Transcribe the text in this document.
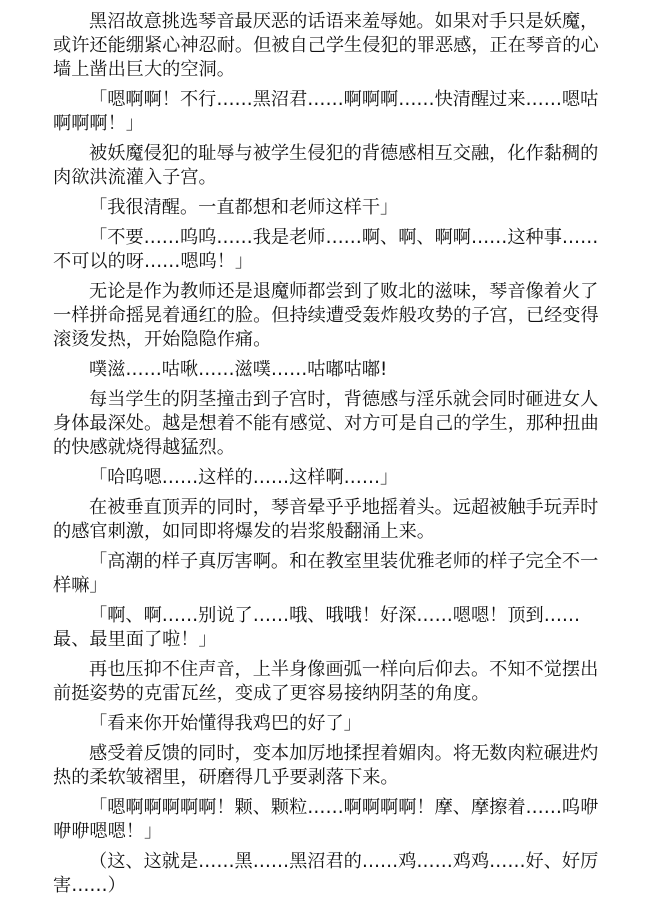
黑沼故意挑选琴音最厌恶的话语来羞辱她。如果对手只是妖魔，或许还能绷紧心神忍耐。但被自己学生侵犯的罪恶感，正在琴音的心墙上凿出巨大的空洞。

「嗯啊啊！不行……黑沼君……啊啊啊……快清醒过来……嗯咕啊啊啊！」

被妖魔侵犯的耻辱与被学生侵犯的背德感相互交融，化作黏稠的肉欲洪流灌入子宫。

「我很清醒。一直都想和老师这样干」

「不要……呜呜……我是老师……啊、啊、啊啊……这种事……不可以的呀……嗯呜！」

无论是作为教师还是退魔师都尝到了败北的滋味，琴音像着火了一样拼命摇晃着通红的脸。但持续遭受轰炸般攻势的子宫，已经变得滚烫发热，开始隐隐作痛。

噗滋……咕啾……滋噗……咕嘟咕嘟!

每当学生的阴茎撞击到子宫时，背德感与淫乐就会同时砸进女人身体最深处。越是想着不能有感觉、对方可是自己的学生，那种扭曲的快感就烧得越猛烈。

「哈呜嗯……这样的……这样啊……」

在被垂直顶弄的同时，琴音晕乎乎地摇着头。远超被触手玩弄时的感官刺激，如同即将爆发的岩浆般翻涌上来。

「高潮的样子真厉害啊。和在教室里装优雅老师的样子完全不一样嘛」

「啊、啊……别说了……哦、哦哦！好深……嗯嗯！顶到……最、最里面了啦！」

再也压抑不住声音，上半身像画弧一样向后仰去。不知不觉摆出前挺姿势的克雷瓦丝，变成了更容易接纳阴茎的角度。

「看来你开始懂得我鸡巴的好了」

感受着反馈的同时，变本加厉地揉捏着媚肉。将无数肉粒碾进灼热的柔软皱褶里，研磨得几乎要剥落下来。

「嗯啊啊啊啊啊！颗、颗粒……啊啊啊啊！摩、摩擦着……呜咿咿咿嗯嗯！」

（这、这就是……黑……黑沼君的……鸡……鸡鸡……好、好厉害……）
